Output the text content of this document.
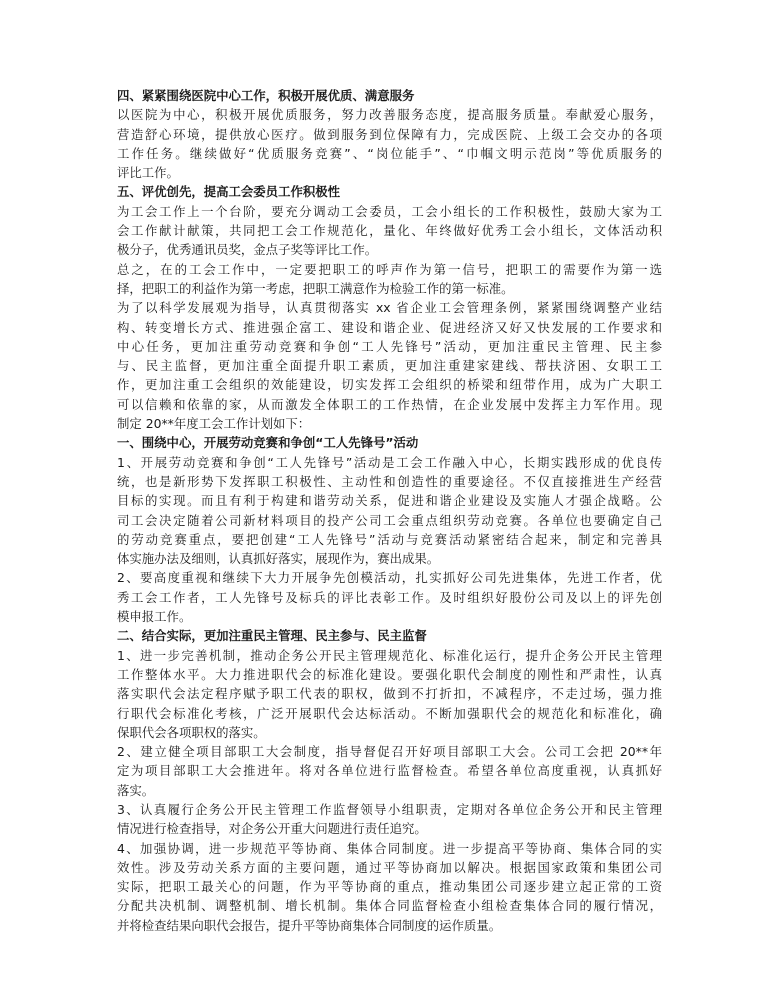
四、紧紧围绕医院中心工作，积极开展优质、满意服务
以医院为中心，积极开展优质服务，努力改善服务态度，提高服务质量。奉献爱心服务，
营造舒心环境，提供放心医疗。做到服务到位保障有力，完成医院、上级工会交办的各项
工作任务。继续做好“优质服务竞赛”、“岗位能手”、“巾帼文明示范岗”等优质服务的
评比工作。
五、评优创先，提高工会委员工作积极性
为工会工作上一个台阶，要充分调动工会委员，工会小组长的工作积极性，鼓励大家为工
会工作献计献策，共同把工会工作规范化，量化、年终做好优秀工会小组长，文体活动积
极分子，优秀通讯员奖，金点子奖等评比工作。
总之，在的工会工作中，一定要把职工的呼声作为第一信号，把职工的需要作为第一选
择，把职工的利益作为第一考虑，把职工满意作为检验工作的第一标准。
为了以科学发展观为指导，认真贯彻落实 xx 省企业工会管理条例，紧紧围绕调整产业结
构、转变增长方式、推进强企富工、建设和谐企业、促进经济又好又快发展的工作要求和
中心任务，更加注重劳动竞赛和争创“工人先锋号”活动，更加注重民主管理、民主参
与、民主监督，更加注重全面提升职工素质，更加注重建家建线、帮扶济困、女职工工
作，更加注重工会组织的效能建设，切实发挥工会组织的桥梁和纽带作用，成为广大职工
可以信赖和依靠的家，从而激发全体职工的工作热情，在企业发展中发挥主力军作用。现
制定 20**年度工会工作计划如下：
一、围绕中心，开展劳动竞赛和争创“工人先锋号”活动
1、开展劳动竞赛和争创“工人先锋号”活动是工会工作融入中心，长期实践形成的优良传
统，也是新形势下发挥职工积极性、主动性和创造性的重要途径。不仅直接推进生产经营
目标的实现。而且有利于构建和谐劳动关系，促进和谐企业建设及实施人才强企战略。公
司工会决定随着公司新材料项目的投产公司工会重点组织劳动竞赛。各单位也要确定自己
的劳动竞赛重点，要把创建“工人先锋号”活动与竞赛活动紧密结合起来，制定和完善具
体实施办法及细则，认真抓好落实，展现作为，赛出成果。
2、要高度重视和继续下大力开展争先创模活动，扎实抓好公司先进集体，先进工作者，优
秀工会工作者，工人先锋号及标兵的评比表彰工作。及时组织好股份公司及以上的评先创
模申报工作。
二、结合实际，更加注重民主管理、民主参与、民主监督
1、进一步完善机制，推动企务公开民主管理规范化、标准化运行，提升企务公开民主管理
工作整体水平。大力推进职代会的标准化建设。要强化职代会制度的刚性和严肃性，认真
落实职代会法定程序赋予职工代表的职权，做到不打折扣，不减程序，不走过场，强力推
行职代会标准化考核，广泛开展职代会达标活动。不断加强职代会的规范化和标准化，确
保职代会各项职权的落实。
2、建立健全项目部职工大会制度，指导督促召开好项目部职工大会。公司工会把 20**年
定为项目部职工大会推进年。将对各单位进行监督检查。希望各单位高度重视，认真抓好
落实。
3、认真履行企务公开民主管理工作监督领导小组职责，定期对各单位企务公开和民主管理
情况进行检查指导，对企务公开重大问题进行责任追究。
4、加强协调，进一步规范平等协商、集体合同制度。进一步提高平等协商、集体合同的实
效性。涉及劳动关系方面的主要问题，通过平等协商加以解决。根据国家政策和集团公司
实际，把职工最关心的问题，作为平等协商的重点，推动集团公司逐步建立起正常的工资
分配共决机制、调整机制、增长机制。集体合同监督检查小组检查集体合同的履行情况，
并将检查结果向职代会报告，提升平等协商集体合同制度的运作质量。
